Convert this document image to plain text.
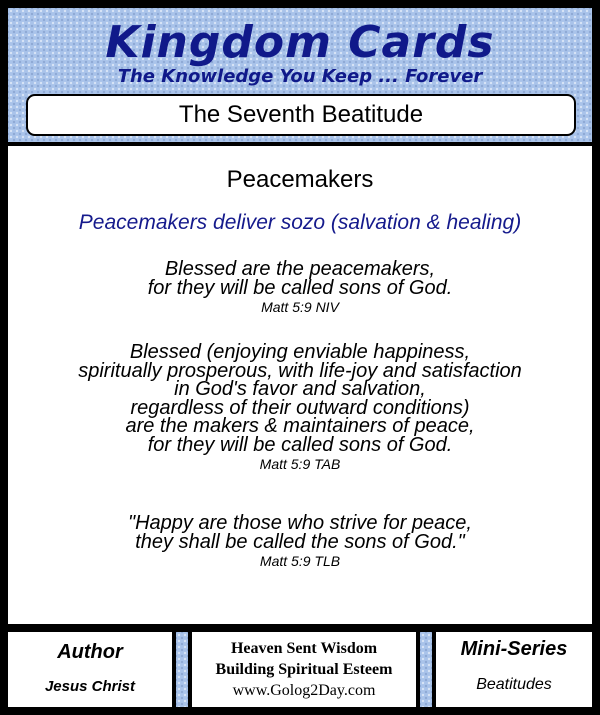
Kingdom Cards

The Knowledge You Keep ... Forever

The Seventh Beatitude
Peacemakers
Peacemakers deliver sozo (salvation & healing)
Blessed are the peacemakers,
for they will be called sons of God.
Matt 5:9 NIV
Blessed (enjoying enviable happiness,
spiritually prosperous, with life-joy and satisfaction
in God's favor and salvation,
regardless of their outward conditions)
are the makers & maintainers of peace,
for they will be called sons of God.
Matt 5:9 TAB
"Happy are those who strive for peace,
they shall be called the sons of God."
Matt 5:9 TLB
Author
Jesus Christ
Heaven Sent Wisdom
Building Spiritual Esteem
www.Golog2Day.com
Mini-Series
Beatitudes
